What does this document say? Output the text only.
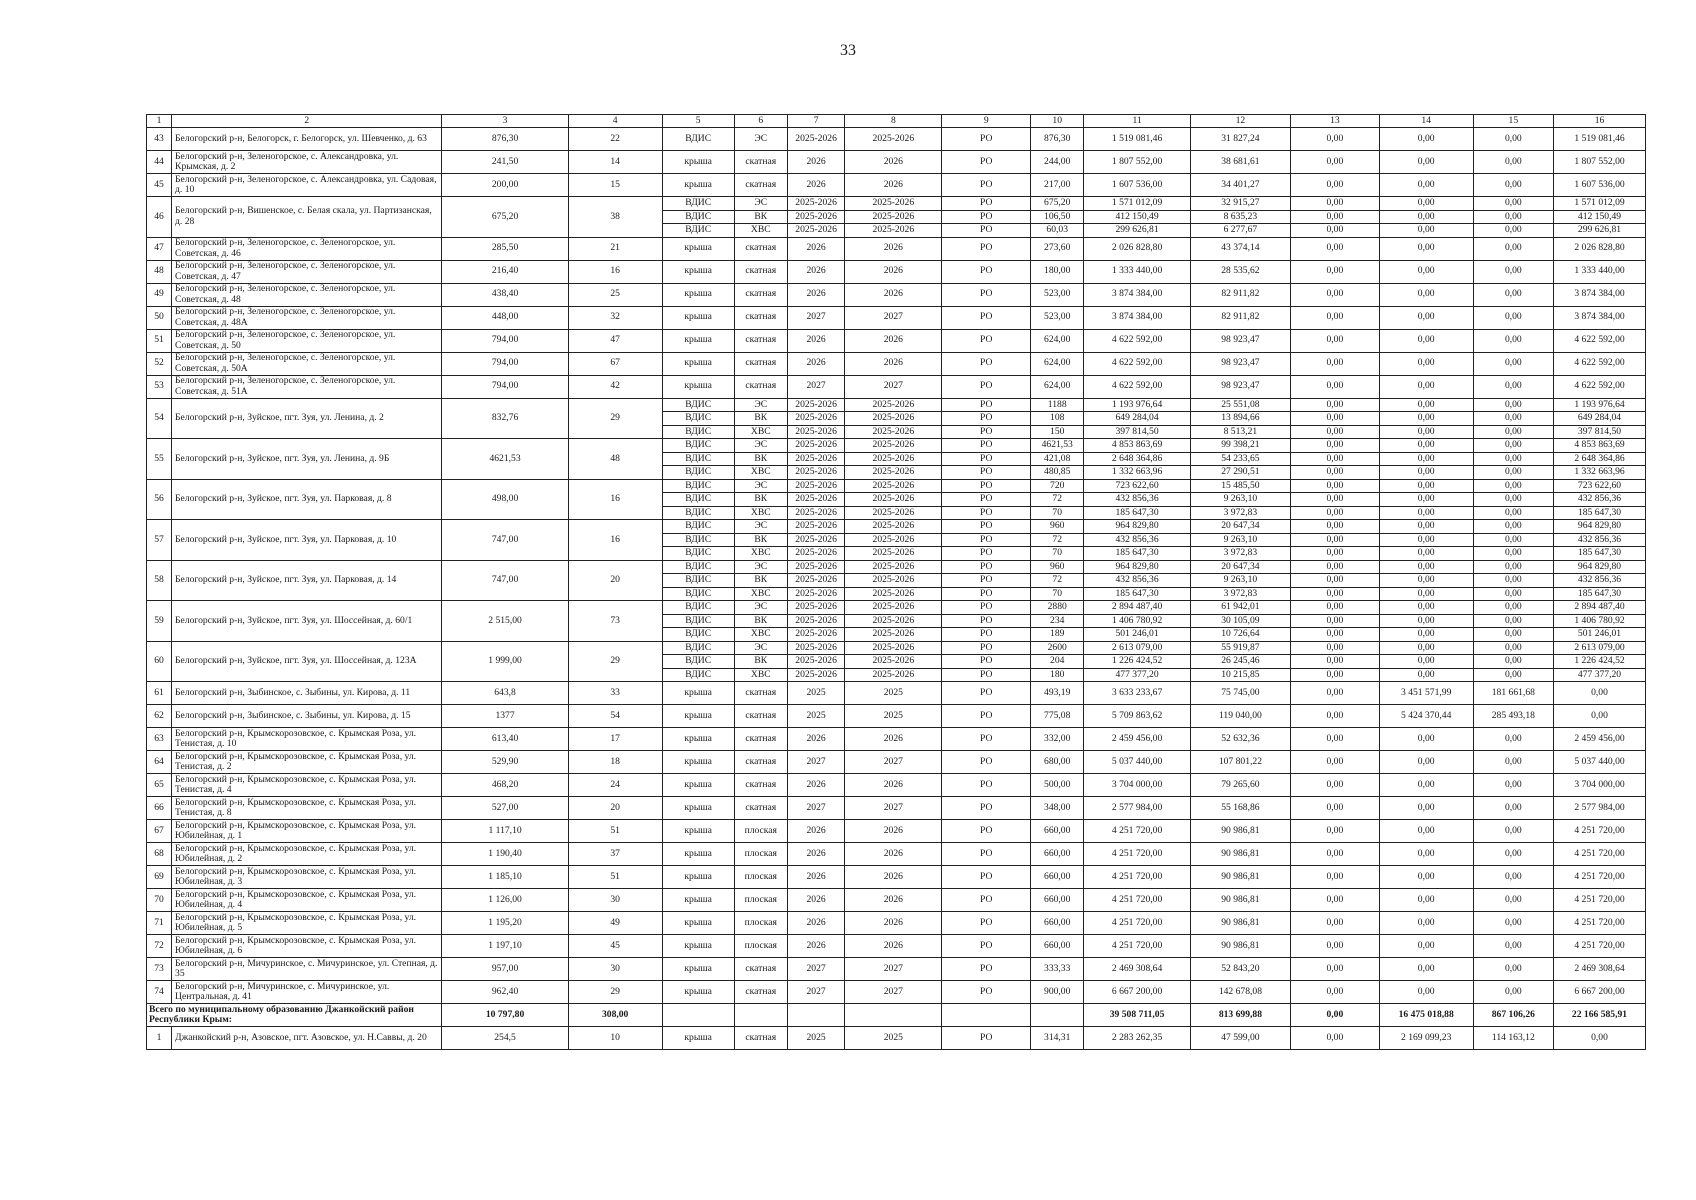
33
1	2	3	4	5	6	7	8	9	10	11	12	13	14	15	16
43	Белогорский р-н, Белогорск, г. Белогорск, ул. Шевченко, д. 63	876,30	22	ВДИС	ЭС	2025-2026	2025-2026	РО	876,30	1 519 081,46	31 827,24	0,00	0,00	0,00	1 519 081,46
44	Белогорский р-н, Зеленогорское, с. Александровка, ул. Крымская, д. 2	241,50	14	крыша	скатная	2026	2026	РО	244,00	1 807 552,00	38 681,61	0,00	0,00	0,00	1 807 552,00
45	Белогорский р-н, Зеленогорское, с. Александровка, ул. Садовая, д. 10	200,00	15	крыша	скатная	2026	2026	РО	217,00	1 607 536,00	34 401,27	0,00	0,00	0,00	1 607 536,00
46	Белогорский р-н, Вишенское, с. Белая скала, ул. Партизанская, д. 28	675,20	38	ВДИС	ЭС	2025-2026	2025-2026	РО	675,20	1 571 012,09	32 915,27	0,00	0,00	0,00	1 571 012,09
				ВДИС	ВК	2025-2026	2025-2026	РО	106,50	412 150,49	8 635,23	0,00	0,00	0,00	412 150,49
				ВДИС	ХВС	2025-2026	2025-2026	РО	60,03	299 626,81	6 277,67	0,00	0,00	0,00	299 626,81
47	Белогорский р-н, Зеленогорское, с. Зеленогорское, ул. Советская, д. 46	285,50	21	крыша	скатная	2026	2026	РО	273,60	2 026 828,80	43 374,14	0,00	0,00	0,00	2 026 828,80
48	Белогорский р-н, Зеленогорское, с. Зеленогорское, ул. Советская, д. 47	216,40	16	крыша	скатная	2026	2026	РО	180,00	1 333 440,00	28 535,62	0,00	0,00	0,00	1 333 440,00
49	Белогорский р-н, Зеленогорское, с. Зеленогорское, ул. Советская, д. 48	438,40	25	крыша	скатная	2026	2026	РО	523,00	3 874 384,00	82 911,82	0,00	0,00	0,00	3 874 384,00
50	Белогорский р-н, Зеленогорское, с. Зеленогорское, ул. Советская, д. 48А	448,00	32	крыша	скатная	2027	2027	РО	523,00	3 874 384,00	82 911,82	0,00	0,00	0,00	3 874 384,00
51	Белогорский р-н, Зеленогорское, с. Зеленогорское, ул. Советская, д. 50	794,00	47	крыша	скатная	2026	2026	РО	624,00	4 622 592,00	98 923,47	0,00	0,00	0,00	4 622 592,00
52	Белогорский р-н, Зеленогорское, с. Зеленогорское, ул. Советская, д. 50А	794,00	67	крыша	скатная	2026	2026	РО	624,00	4 622 592,00	98 923,47	0,00	0,00	0,00	4 622 592,00
53	Белогорский р-н, Зеленогорское, с. Зеленогорское, ул. Советская, д. 51А	794,00	42	крыша	скатная	2027	2027	РО	624,00	4 622 592,00	98 923,47	0,00	0,00	0,00	4 622 592,00
54	Белогорский р-н, Зуйское, пгт. Зуя, ул. Ленина, д. 2	832,76	29	ВДИС	ЭС	2025-2026	2025-2026	РО	1188	1 193 976,64	25 551,08	0,00	0,00	0,00	1 193 976,64
				ВДИС	ВК	2025-2026	2025-2026	РО	108	649 284,04	13 894,66	0,00	0,00	0,00	649 284,04
				ВДИС	ХВС	2025-2026	2025-2026	РО	150	397 814,50	8 513,21	0,00	0,00	0,00	397 814,50
55	Белогорский р-н, Зуйское, пгт. Зуя, ул. Ленина, д. 9Б	4621,53	48	ВДИС	ЭС	2025-2026	2025-2026	РО	4621,53	4 853 863,69	99 398,21	0,00	0,00	0,00	4 853 863,69
				ВДИС	ВК	2025-2026	2025-2026	РО	421,08	2 648 364,86	54 233,65	0,00	0,00	0,00	2 648 364,86
				ВДИС	ХВС	2025-2026	2025-2026	РО	480,85	1 332 663,96	27 290,51	0,00	0,00	0,00	1 332 663,96
56	Белогорский р-н, Зуйское, пгт. Зуя, ул. Парковая, д. 8	498,00	16	ВДИС	ЭС	2025-2026	2025-2026	РО	720	723 622,60	15 485,50	0,00	0,00	0,00	723 622,60
				ВДИС	ВК	2025-2026	2025-2026	РО	72	432 856,36	9 263,10	0,00	0,00	0,00	432 856,36
				ВДИС	ХВС	2025-2026	2025-2026	РО	70	185 647,30	3 972,83	0,00	0,00	0,00	185 647,30
57	Белогорский р-н, Зуйское, пгт. Зуя, ул. Парковая, д. 10	747,00	16	ВДИС	ЭС	2025-2026	2025-2026	РО	960	964 829,80	20 647,34	0,00	0,00	0,00	964 829,80
				ВДИС	ВК	2025-2026	2025-2026	РО	72	432 856,36	9 263,10	0,00	0,00	0,00	432 856,36
				ВДИС	ХВС	2025-2026	2025-2026	РО	70	185 647,30	3 972,83	0,00	0,00	0,00	185 647,30
58	Белогорский р-н, Зуйское, пгт. Зуя, ул. Парковая, д. 14	747,00	20	ВДИС	ЭС	2025-2026	2025-2026	РО	960	964 829,80	20 647,34	0,00	0,00	0,00	964 829,80
				ВДИС	ВК	2025-2026	2025-2026	РО	72	432 856,36	9 263,10	0,00	0,00	0,00	432 856,36
				ВДИС	ХВС	2025-2026	2025-2026	РО	70	185 647,30	3 972,83	0,00	0,00	0,00	185 647,30
59	Белогорский р-н, Зуйское, пгт. Зуя, ул. Шоссейная, д. 60/1	2 515,00	73	ВДИС	ЭС	2025-2026	2025-2026	РО	2880	2 894 487,40	61 942,01	0,00	0,00	0,00	2 894 487,40
				ВДИС	ВК	2025-2026	2025-2026	РО	234	1 406 780,92	30 105,09	0,00	0,00	0,00	1 406 780,92
				ВДИС	ХВС	2025-2026	2025-2026	РО	189	501 246,01	10 726,64	0,00	0,00	0,00	501 246,01
60	Белогорский р-н, Зуйское, пгт. Зуя, ул. Шоссейная, д. 123А	1 999,00	29	ВДИС	ЭС	2025-2026	2025-2026	РО	2600	2 613 079,00	55 919,87	0,00	0,00	0,00	2 613 079,00
				ВДИС	ВК	2025-2026	2025-2026	РО	204	1 226 424,52	26 245,46	0,00	0,00	0,00	1 226 424,52
				ВДИС	ХВС	2025-2026	2025-2026	РО	180	477 377,20	10 215,85	0,00	0,00	0,00	477 377,20
61	Белогорский р-н, Зыбинское, с. Зыбины, ул. Кирова, д. 11	643,8	33	крыша	скатная	2025	2025	РО	493,19	3 633 233,67	75 745,00	0,00	3 451 571,99	181 661,68	0,00
62	Белогорский р-н, Зыбинское, с. Зыбины, ул. Кирова, д. 15	1377	54	крыша	скатная	2025	2025	РО	775,08	5 709 863,62	119 040,00	0,00	5 424 370,44	285 493,18	0,00
63	Белогорский р-н, Крымскорозовское, с. Крымская Роза, ул. Тенистая, д. 10	613,40	17	крыша	скатная	2026	2026	РО	332,00	2 459 456,00	52 632,36	0,00	0,00	0,00	2 459 456,00
64	Белогорский р-н, Крымскорозовское, с. Крымская Роза, ул. Тенистая, д. 2	529,90	18	крыша	скатная	2027	2027	РО	680,00	5 037 440,00	107 801,22	0,00	0,00	0,00	5 037 440,00
65	Белогорский р-н, Крымскорозовское, с. Крымская Роза, ул. Тенистая, д. 4	468,20	24	крыша	скатная	2026	2026	РО	500,00	3 704 000,00	79 265,60	0,00	0,00	0,00	3 704 000,00
66	Белогорский р-н, Крымскорозовское, с. Крымская Роза, ул. Тенистая, д. 8	527,00	20	крыша	скатная	2027	2027	РО	348,00	2 577 984,00	55 168,86	0,00	0,00	0,00	2 577 984,00
67	Белогорский р-н, Крымскорозовское, с. Крымская Роза, ул. Юбилейная, д. 1	1 117,10	51	крыша	плоская	2026	2026	РО	660,00	4 251 720,00	90 986,81	0,00	0,00	0,00	4 251 720,00
68	Белогорский р-н, Крымскорозовское, с. Крымская Роза, ул. Юбилейная, д. 2	1 190,40	37	крыша	плоская	2026	2026	РО	660,00	4 251 720,00	90 986,81	0,00	0,00	0,00	4 251 720,00
69	Белогорский р-н, Крымскорозовское, с. Крымская Роза, ул. Юбилейная, д. 3	1 185,10	51	крыша	плоская	2026	2026	РО	660,00	4 251 720,00	90 986,81	0,00	0,00	0,00	4 251 720,00
70	Белогорский р-н, Крымскорозовское, с. Крымская Роза, ул. Юбилейная, д. 4	1 126,00	30	крыша	плоская	2026	2026	РО	660,00	4 251 720,00	90 986,81	0,00	0,00	0,00	4 251 720,00
71	Белогорский р-н, Крымскорозовское, с. Крымская Роза, ул. Юбилейная, д. 5	1 195,20	49	крыша	плоская	2026	2026	РО	660,00	4 251 720,00	90 986,81	0,00	0,00	0,00	4 251 720,00
72	Белогорский р-н, Крымскорозовское, с. Крымская Роза, ул. Юбилейная, д. 6	1 197,10	45	крыша	плоская	2026	2026	РО	660,00	4 251 720,00	90 986,81	0,00	0,00	0,00	4 251 720,00
73	Белогорский р-н, Мичуринское, с. Мичуринское, ул. Степная, д. 35	957,00	30	крыша	скатная	2027	2027	РО	333,33	2 469 308,64	52 843,20	0,00	0,00	0,00	2 469 308,64
74	Белогорский р-н, Мичуринское, с. Мичуринское, ул. Центральная, д. 41	962,40	29	крыша	скатная	2027	2027	РО	900,00	6 667 200,00	142 678,08	0,00	0,00	0,00	6 667 200,00
Всего по муниципальному образованию Джанкойский район Республики Крым:		10 797,80	308,00							39 508 711,05	813 699,88	0,00	16 475 018,88	867 106,26	22 166 585,91
1	Джанкойский р-н, Азовское, пгт. Азовское, ул. Н.Саввы, д. 20	254,5	10	крыша	скатная	2025	2025	РО	314,31	2 283 262,35	47 599,00	0,00	2 169 099,23	114 163,12	0,00
